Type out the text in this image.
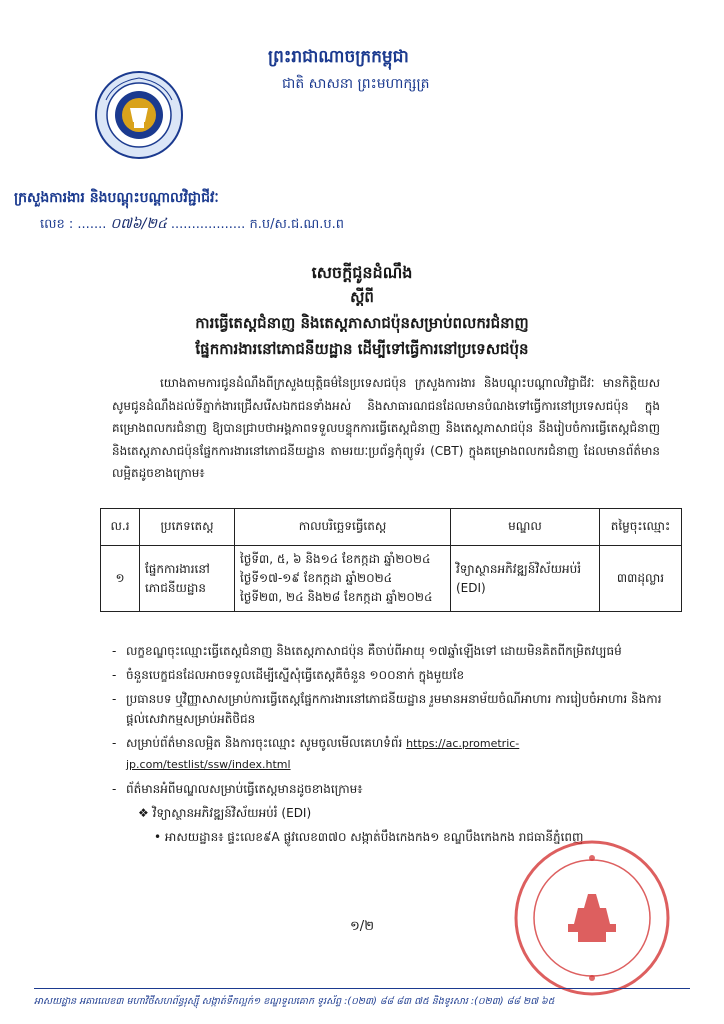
ព្រះរាជាណាចក្រកម្ពុជា
ជាតិ សាសនា ព្រះមហាក្សត្រ
ក្រសួងការងារ និងបណ្តុះបណ្តាលវិជ្ជាជីវៈ
លេខ : ....... ០៧៦/២៤ .................. ក.ប/ស.ជ.ណ.ប.ព
សេចក្តីជូនដំណឹង
ស្តីពី
ការធ្វើតេស្តជំនាញ និងតេស្តភាសាជប៉ុនសម្រាប់ពលករជំនាញ
ផ្នែកការងារនៅភោជនីយដ្ឋាន ដើម្បីទៅធ្វើការនៅប្រទេសជប៉ុន
យោងតាមការជូនដំណឹងពីក្រសួងយុត្តិធម៌នៃប្រទេសជប៉ុន ក្រសួងការងារ និងបណ្តុះបណ្តាលវិជ្ជាជីវៈ មានកិត្តិយសសូមជូនដំណឹងដល់ទីភ្នាក់ងារជ្រើសរើសឯកជនទាំងអស់ និងសាធារណជនដែលមានបំណងទៅធ្វើការនៅប្រទេសជប៉ុន ក្នុងគម្រោងពលករជំនាញ ឱ្យបានជ្រាបថាអង្គភាពទទួលបន្ទុកការធ្វើតេស្តជំនាញ និងតេស្តភាសាជប៉ុន នឹងរៀបចំការធ្វើតេស្តជំនាញ និងតេស្តភាសាជប៉ុនផ្នែកការងារនៅភោជនីយដ្ឋាន តាមរយៈប្រព័ន្ធកុំព្យូទ័រ (CBT) ក្នុងគម្រោងពលករជំនាញ ដែលមានព័ត៌មានលម្អិតដូចខាងក្រោម៖
ល.រ	ប្រភេទតេស្ត	កាលបរិច្ឆេទធ្វើតេស្ត	មណ្ឌល	តម្លៃចុះឈ្មោះ
១	ផ្នែកការងារនៅភោជនីយដ្ឋាន	ថ្ងៃទី៣, ៥, ៦ និង១៤ ខែកក្កដា ឆ្នាំ២០២៤
ថ្ងៃទី១៧-១៩ ខែកក្កដា ឆ្នាំ២០២៤
ថ្ងៃទី២៣, ២៤ និង២៨ ខែកក្កដា ឆ្នាំ២០២៤	វិទ្យាស្ថានអភិវឌ្ឍន៍វិស័យអប់រំ (EDI)	៣៣ដុល្លារ
- លក្ខខណ្ឌចុះឈ្មោះធ្វើតេស្តជំនាញ និងតេស្តភាសាជប៉ុន គឺចាប់ពីអាយុ ១៧ឆ្នាំឡើងទៅ ដោយមិនគិតពីកម្រិតវប្បធម៌
- ចំនួនបេក្ខជនដែលអាចទទួលដើម្បីស្នើសុំធ្វើតេស្តគឺចំនួន ១០០នាក់ ក្នុងមួយខែ
- ប្រធានបទ ឬវិញ្ញាសាសម្រាប់ការធ្វើតេស្តផ្នែកការងារនៅភោជនីយដ្ឋាន រួមមានអនាម័យចំណីអាហារ ការរៀបចំអាហារ និងការផ្តល់សេវាកម្មសម្រាប់អតិថិជន
- សម្រាប់ព័ត៌មានលម្អិត និងការចុះឈ្មោះ សូមចូលមើលគេហទំព័រ https://ac.prometric-jp.com/testlist/ssw/index.html
- ព័ត៌មានអំពីមណ្ឌលសម្រាប់ធ្វើតេស្តមានដូចខាងក្រោម៖
❖ វិទ្យាស្ថានអភិវឌ្ឍន៍វិស័យអប់រំ (EDI)
• អាសយដ្ឋាន៖ ផ្ទះលេខ៩A ផ្លូវលេខ៣៧០ សង្កាត់បឹងកេងកង១ ខណ្ឌបឹងកេងកង រាជធានីភ្នំពេញ
១/២
អាសយដ្ឋាន អគារលេខ៣ មហាវិថីសហព័ន្ធរុស្ស៊ី សង្កាត់ទឹកល្អក់១ ខណ្ឌទួលគោក ទូរស័ព្ទ :(០២៣) ៨៨ ៨៣ ៧៥ និងទូរសារ :(០២៣) ៨៨ ២៧ ៦៥
